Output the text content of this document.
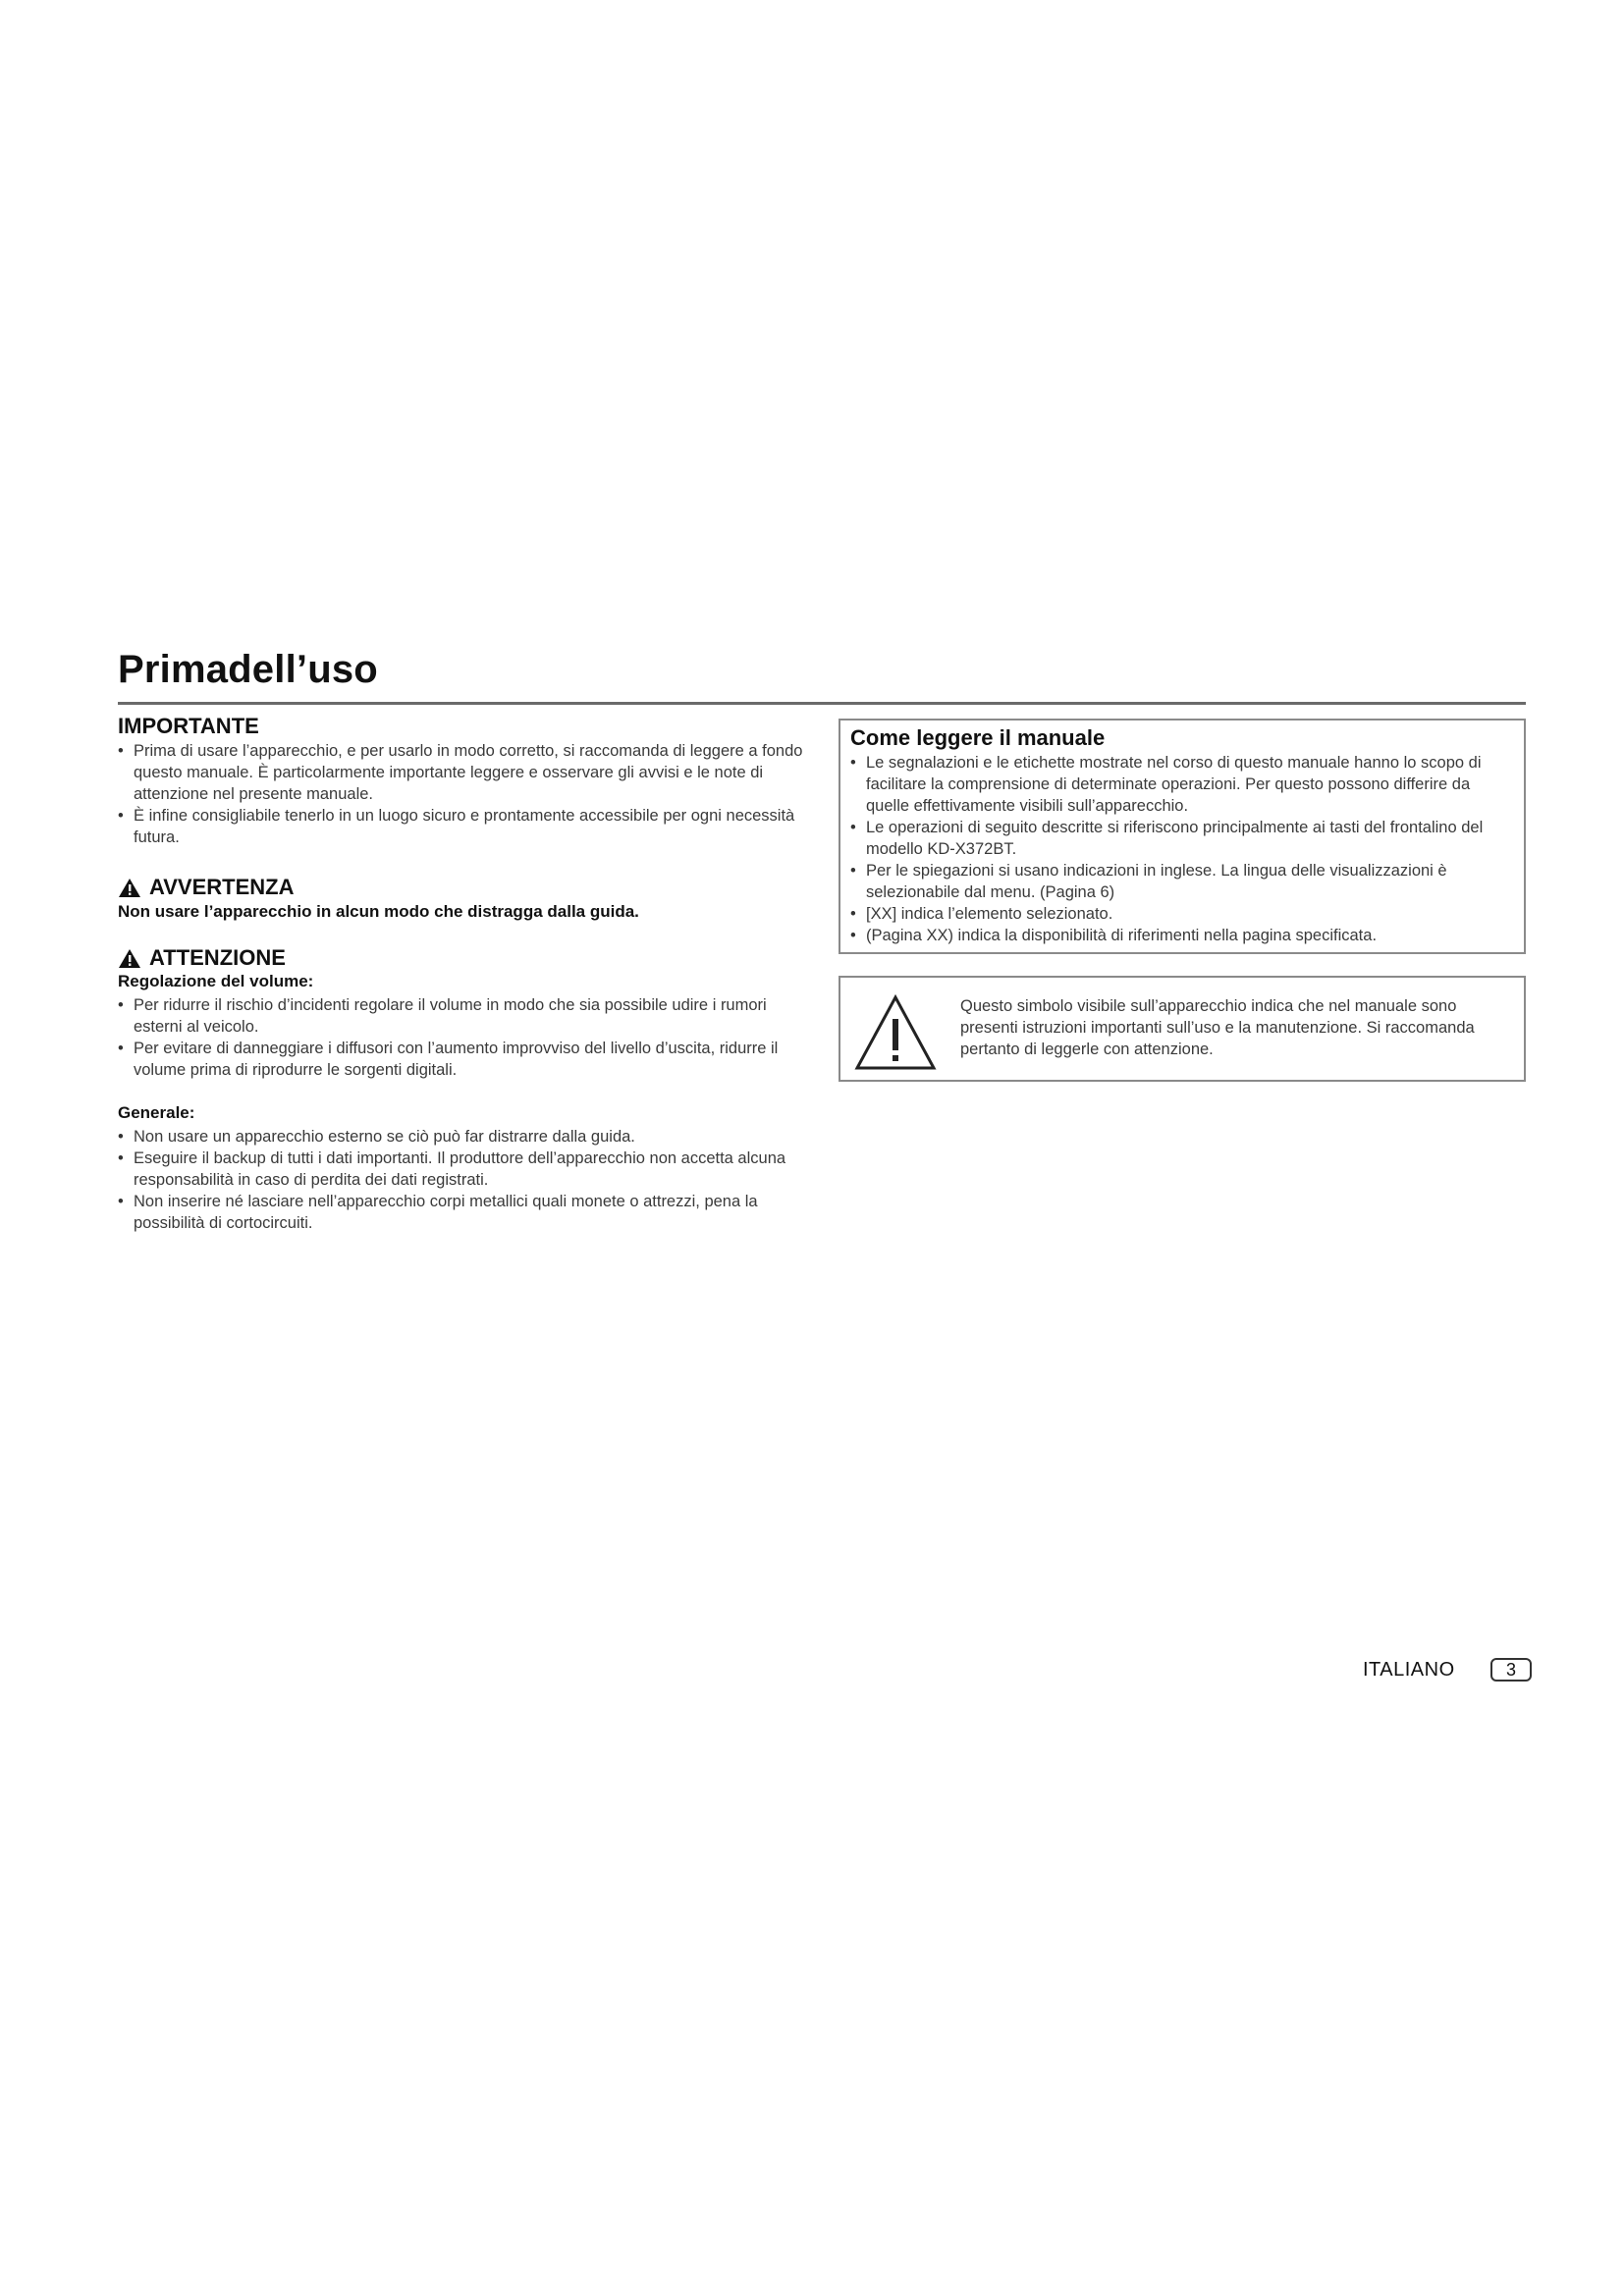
Primadell’uso
IMPORTANTE
• Prima di usare l’apparecchio, e per usarlo in modo corretto, si raccomanda di leggere a fondo questo manuale. È particolarmente importante leggere e osservare gli avvisi e le note di attenzione nel presente manuale.
• È infine consigliabile tenerlo in un luogo sicuro e prontamente accessibile per ogni necessità futura.
AVVERTENZA

Non usare l’apparecchio in alcun modo che distragga dalla guida.

ATTENZIONE
Regolazione del volume:
• Per ridurre il rischio d’incidenti regolare il volume in modo che sia possibile udire i rumori esterni al veicolo.
• Per evitare di danneggiare i diffusori con l’aumento improvviso del livello d’uscita, ridurre il volume prima di riprodurre le sorgenti digitali.
Generale:
• Non usare un apparecchio esterno se ciò può far distrarre dalla guida.
• Eseguire il backup di tutti i dati importanti. Il produttore dell’apparecchio non accetta alcuna responsabilità in caso di perdita dei dati registrati.
• Non inserire né lasciare nell’apparecchio corpi metallici quali monete o attrezzi, pena la possibilità di cortocircuiti.
Come leggere il manuale
• Le segnalazioni e le etichette mostrate nel corso di questo manuale hanno lo scopo di facilitare la comprensione di determinate operazioni. Per questo possono differire da quelle effettivamente visibili sull’apparecchio.
• Le operazioni di seguito descritte si riferiscono principalmente ai tasti del frontalino del modello KD-X372BT.
• Per le spiegazioni si usano indicazioni in inglese. La lingua delle visualizzazioni è selezionabile dal menu. (Pagina 6)
• [XX] indica l’elemento selezionato.
• (Pagina XX) indica la disponibilità di riferimenti nella pagina specificata.
Questo simbolo visibile sull’apparecchio indica che nel manuale sono presenti istruzioni importanti sull’uso e la manutenzione. Si raccomanda pertanto di leggerle con attenzione.
ITALIANO	3
